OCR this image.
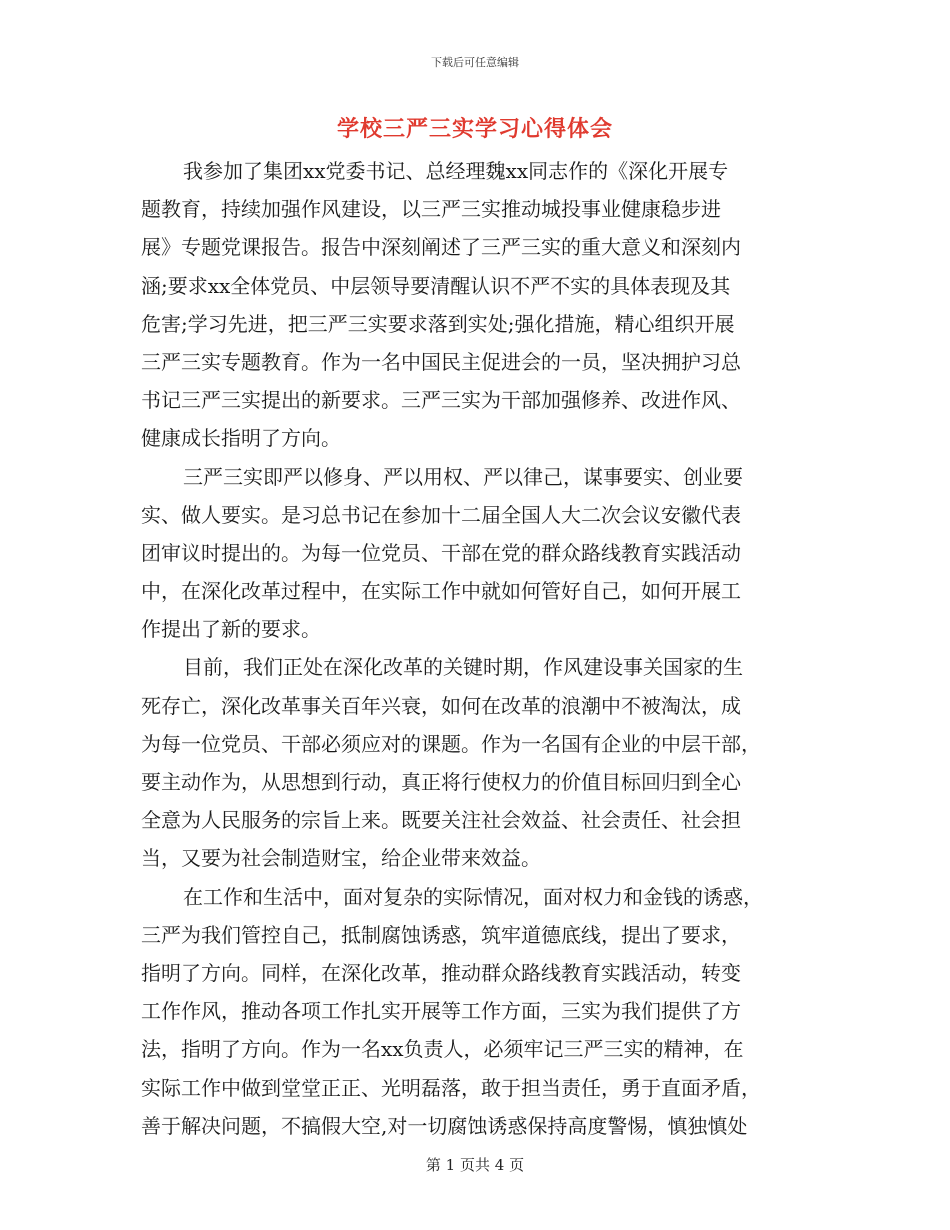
下载后可任意编辑
学校三严三实学习心得体会
我参加了集团xx党委书记、总经理魏xx同志作的《深化开展专
题教育，持续加强作风建设，以三严三实推动城投事业健康稳步进
展》专题党课报告。报告中深刻阐述了三严三实的重大意义和深刻内
涵;要求xx全体党员、中层领导要清醒认识不严不实的具体表现及其
危害;学习先进，把三严三实要求落到实处;强化措施，精心组织开展
三严三实专题教育。作为一名中国民主促进会的一员，坚决拥护习总
书记三严三实提出的新要求。三严三实为干部加强修养、改进作风、
健康成长指明了方向。
三严三实即严以修身、严以用权、严以律己，谋事要实、创业要
实、做人要实。是习总书记在参加十二届全国人大二次会议安徽代表
团审议时提出的。为每一位党员、干部在党的群众路线教育实践活动
中，在深化改革过程中，在实际工作中就如何管好自己，如何开展工
作提出了新的要求。
目前，我们正处在深化改革的关键时期，作风建设事关国家的生
死存亡，深化改革事关百年兴衰，如何在改革的浪潮中不被淘汰，成
为每一位党员、干部必须应对的课题。作为一名国有企业的中层干部，
要主动作为，从思想到行动，真正将行使权力的价值目标回归到全心
全意为人民服务的宗旨上来。既要关注社会效益、社会责任、社会担
当，又要为社会制造财宝，给企业带来效益。
在工作和生活中，面对复杂的实际情况，面对权力和金钱的诱惑，
三严为我们管控自己，抵制腐蚀诱惑，筑牢道德底线，提出了要求，
指明了方向。同样，在深化改革，推动群众路线教育实践活动，转变
工作作风，推动各项工作扎实开展等工作方面，三实为我们提供了方
法，指明了方向。作为一名xx负责人，必须牢记三严三实的精神，在
实际工作中做到堂堂正正、光明磊落，敢于担当责任，勇于直面矛盾，
善于解决问题，不搞假大空,对一切腐蚀诱惑保持高度警惕，慎独慎处
第 1 页共 4 页
